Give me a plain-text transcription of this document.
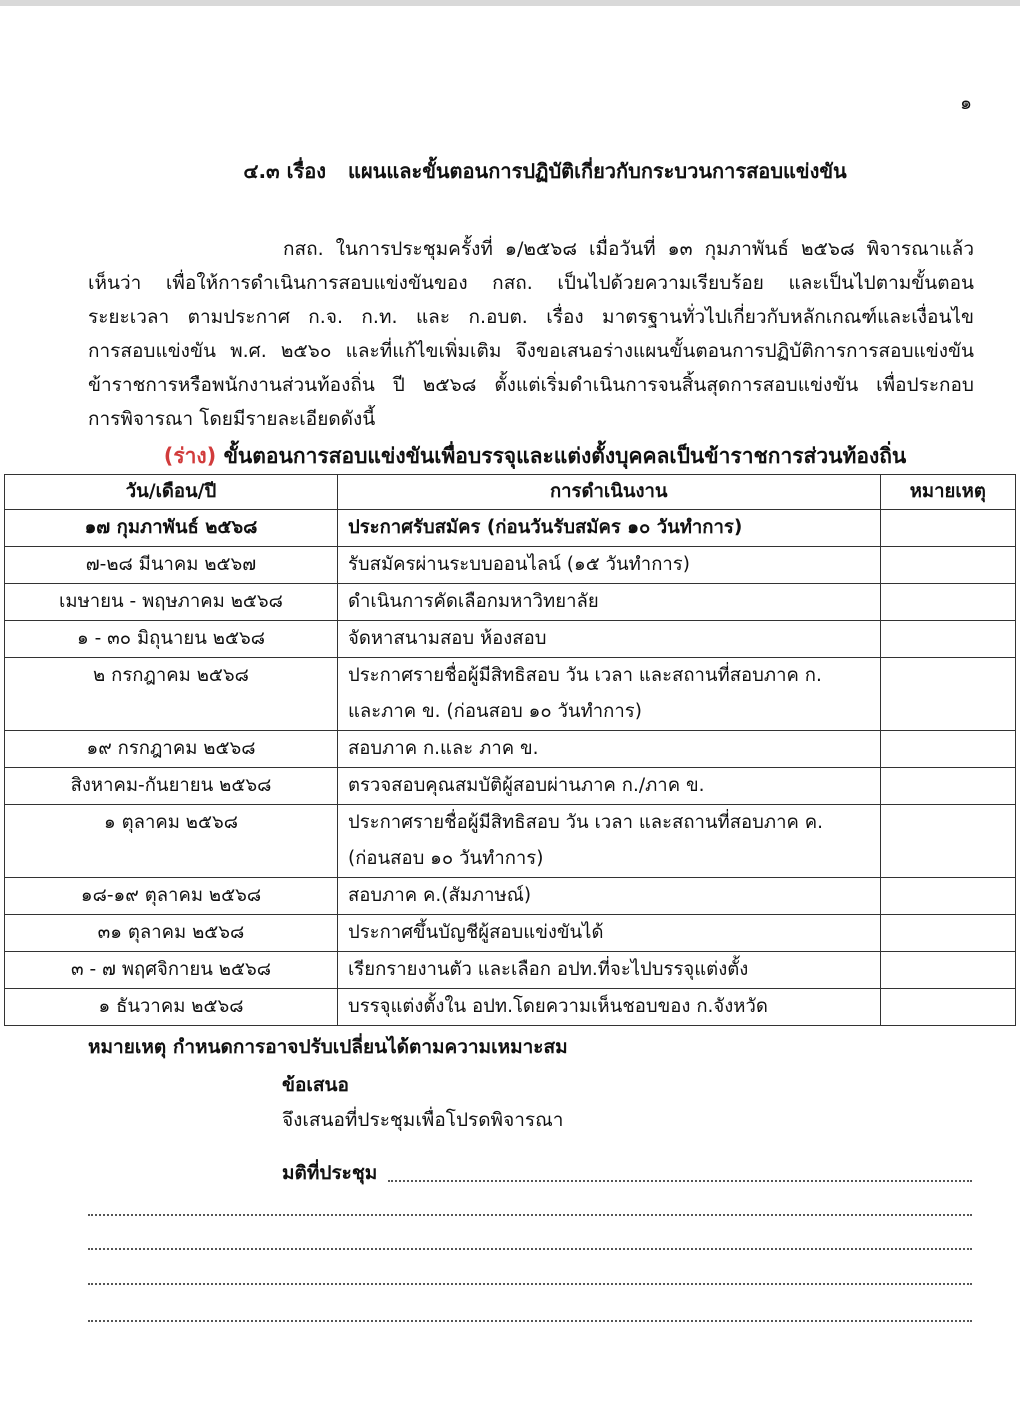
๑
๔.๓ เรื่อง แผนและขั้นตอนการปฏิบัติเกี่ยวกับกระบวนการสอบแข่งขัน
กสถ. ในการประชุมครั้งที่ ๑/๒๕๖๘ เมื่อวันที่ ๑๓ กุมภาพันธ์ ๒๕๖๘ พิจารณาแล้ว
เห็นว่า เพื่อให้การดำเนินการสอบแข่งขันของ กสถ. เป็นไปด้วยความเรียบร้อย และเป็นไปตามขั้นตอน
ระยะเวลา ตามประกาศ ก.จ. ก.ท. และ ก.อบต. เรื่อง มาตรฐานทั่วไปเกี่ยวกับหลักเกณฑ์และเงื่อนไข
การสอบแข่งขัน พ.ศ. ๒๕๖๐ และที่แก้ไขเพิ่มเติม จึงขอเสนอร่างแผนขั้นตอนการปฏิบัติการการสอบแข่งขัน
ข้าราชการหรือพนักงานส่วนท้องถิ่น ปี ๒๕๖๘ ตั้งแต่เริ่มดำเนินการจนสิ้นสุดการสอบแข่งขัน เพื่อประกอบ
การพิจารณา โดยมีรายละเอียดดังนี้
(ร่าง) ขั้นตอนการสอบแข่งขันเพื่อบรรจุและแต่งตั้งบุคคลเป็นข้าราชการส่วนท้องถิ่น
วัน/เดือน/ปี	การดำเนินงาน	หมายเหตุ
๑๗ กุมภาพันธ์ ๒๕๖๘	ประกาศรับสมัคร (ก่อนวันรับสมัคร ๑๐ วันทำการ)	
๗-๒๘ มีนาคม ๒๕๖๗	รับสมัครผ่านระบบออนไลน์ (๑๕ วันทำการ)	
เมษายน - พฤษภาคม ๒๕๖๘	ดำเนินการคัดเลือกมหาวิทยาลัย	
๑ - ๓๐ มิถุนายน ๒๕๖๘	จัดหาสนามสอบ ห้องสอบ	
๒ กรกฎาคม ๒๕๖๘	ประกาศรายชื่อผู้มีสิทธิสอบ วัน เวลา และสถานที่สอบภาค ก.
และภาค ข. (ก่อนสอบ ๑๐ วันทำการ)	

๑๙ กรกฎาคม ๒๕๖๘	สอบภาค ก.และ ภาค ข.	
สิงหาคม-กันยายน ๒๕๖๘	ตรวจสอบคุณสมบัติผู้สอบผ่านภาค ก./ภาค ข.	
๑ ตุลาคม ๒๕๖๘	ประกาศรายชื่อผู้มีสิทธิสอบ วัน เวลา และสถานที่สอบภาค ค.
(ก่อนสอบ ๑๐ วันทำการ)	

๑๘-๑๙ ตุลาคม ๒๕๖๘	สอบภาค ค.(สัมภาษณ์)	
๓๑ ตุลาคม ๒๕๖๘	ประกาศขึ้นบัญชีผู้สอบแข่งขันได้	
๓ - ๗ พฤศจิกายน ๒๕๖๘	เรียกรายงานตัว และเลือก อปท.ที่จะไปบรรจุแต่งตั้ง	
๑ ธันวาคม ๒๕๖๘	บรรจุแต่งตั้งใน อปท.โดยความเห็นชอบของ ก.จังหวัด	
หมายเหตุ กำหนดการอาจปรับเปลี่ยนได้ตามความเหมาะสม
ข้อเสนอ
จึงเสนอที่ประชุมเพื่อโปรดพิจารณา
มติที่ประชุม
